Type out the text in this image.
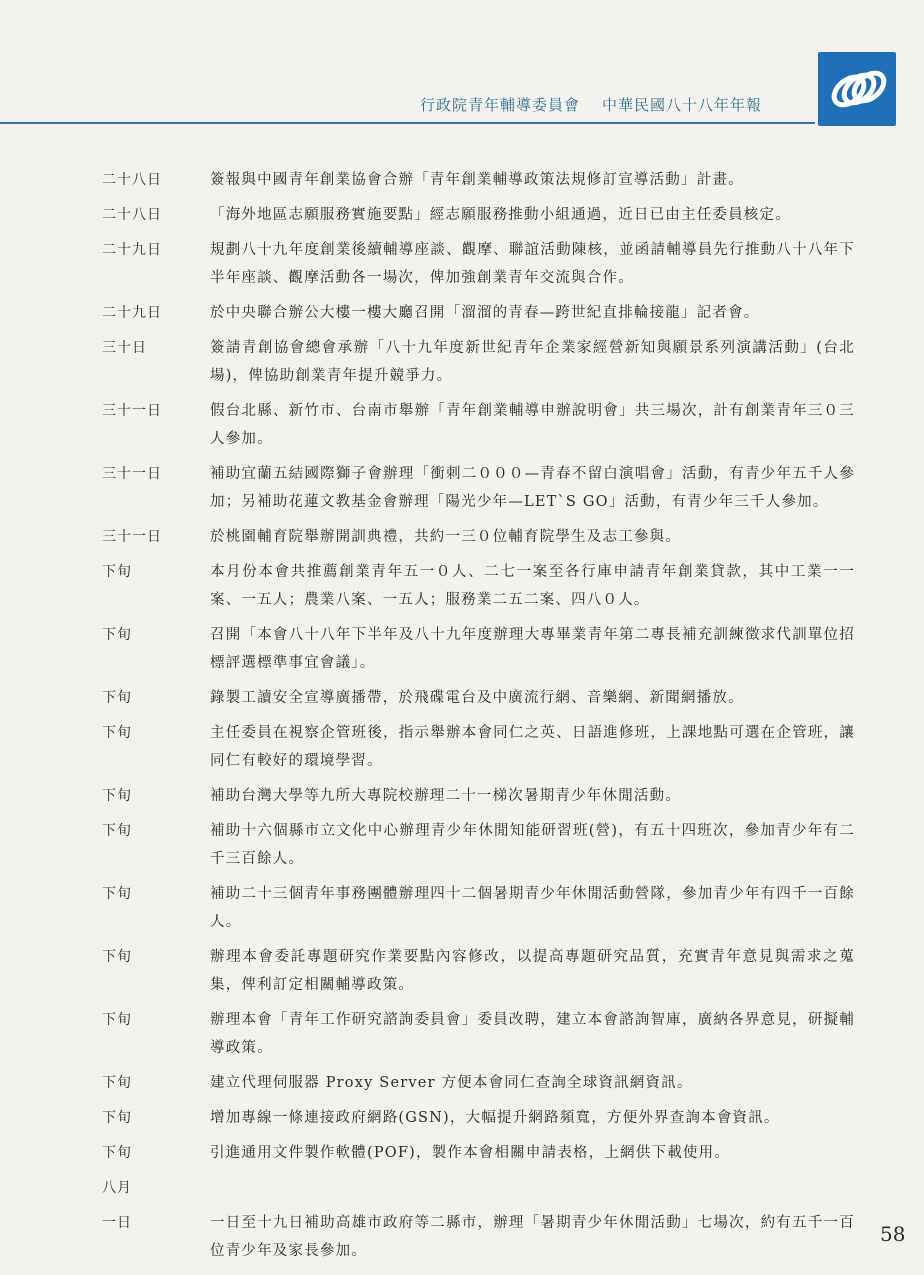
行政院青年輔導委員會 中華民國八十八年年報
二十八日	簽報與中國青年創業協會合辦「青年創業輔導政策法規修訂宣導活動」計畫。
二十八日	「海外地區志願服務實施要點」經志願服務推動小組通過，近日已由主任委員核定。
二十九日	規劃八十九年度創業後續輔導座談、觀摩、聯誼活動陳核，並函請輔導員先行推動八十八年下半年座談、觀摩活動各一場次，俾加強創業青年交流與合作。
二十九日	於中央聯合辦公大樓一樓大廳召開「溜溜的青春—跨世紀直排輪接龍」記者會。
三十日	簽請青創協會總會承辦「八十九年度新世紀青年企業家經營新知與願景系列演講活動」(台北場)，俾協助創業青年提升競爭力。
三十一日	假台北縣、新竹市、台南市舉辦「青年創業輔導申辦說明會」共三場次，計有創業青年三０三人參加。
三十一日	補助宜蘭五結國際獅子會辦理「衝刺二０００—青春不留白演唱會」活動，有青少年五千人參加；另補助花蓮文教基金會辦理「陽光少年—LET`S GO」活動，有青少年三千人參加。
三十一日	於桃園輔育院舉辦開訓典禮，共約一三０位輔育院學生及志工參與。
下旬	本月份本會共推薦創業青年五一０人、二七一案至各行庫申請青年創業貸款，其中工業一一案、一五人；農業八案、一五人；服務業二五二案、四八０人。
下旬	召開「本會八十八年下半年及八十九年度辦理大專畢業青年第二專長補充訓練徵求代訓單位招標評選標準事宜會議」。
下旬	錄製工讀安全宣導廣播帶，於飛碟電台及中廣流行網、音樂網、新聞網播放。
下旬	主任委員在視察企管班後，指示舉辦本會同仁之英、日語進修班，上課地點可選在企管班，讓同仁有較好的環境學習。
下旬	補助台灣大學等九所大專院校辦理二十一梯次暑期青少年休閒活動。
下旬	補助十六個縣市立文化中心辦理青少年休閒知能研習班(營)，有五十四班次，參加青少年有二千三百餘人。
下旬	補助二十三個青年事務團體辦理四十二個暑期青少年休閒活動營隊，參加青少年有四千一百餘人。
下旬	辦理本會委託專題研究作業要點內容修改，以提高專題研究品質，充實青年意見與需求之蒐集，俾利訂定相關輔導政策。
下旬	辦理本會「青年工作研究諮詢委員會」委員改聘，建立本會諮詢智庫，廣納各界意見，研擬輔導政策。
下旬	建立代理伺服器 Proxy Server 方便本會同仁查詢全球資訊網資訊。
下旬	增加專線一條連接政府網路(GSN)，大幅提升網路頻寬，方便外界查詢本會資訊。
下旬	引進通用文件製作軟體(POF)，製作本會相關申請表格，上網供下載使用。
八月
一日	一日至十九日補助高雄市政府等二縣市，辦理「暑期青少年休閒活動」七場次，約有五千一百位青少年及家長參加。
58
